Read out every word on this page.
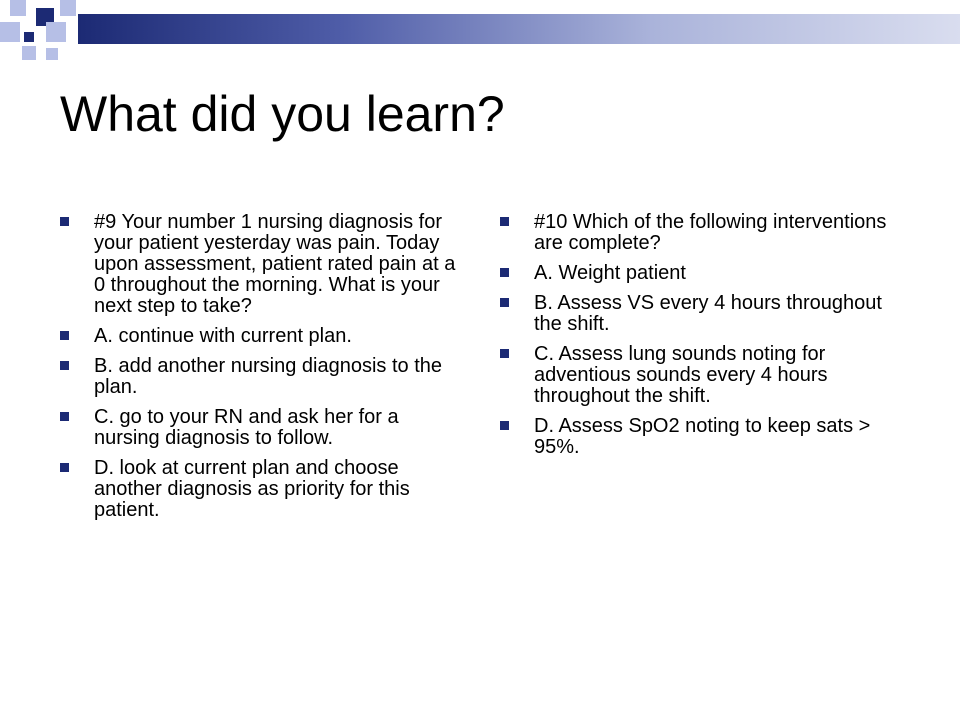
What did you learn?
#9 Your number 1 nursing diagnosis for your patient yesterday was pain. Today upon assessment, patient rated pain at a 0 throughout the morning. What is your next step to take?
A. continue with current plan.
B. add another nursing diagnosis to the plan.
C. go to your RN and ask her for a nursing diagnosis to follow.
D. look at current plan and choose another diagnosis as priority for this patient.
#10 Which of the following interventions are complete?
A. Weight patient
B. Assess VS every 4 hours throughout the shift.
C. Assess lung sounds noting for adventious sounds every 4 hours throughout the shift.
D. Assess SpO2 noting to keep sats > 95%.
